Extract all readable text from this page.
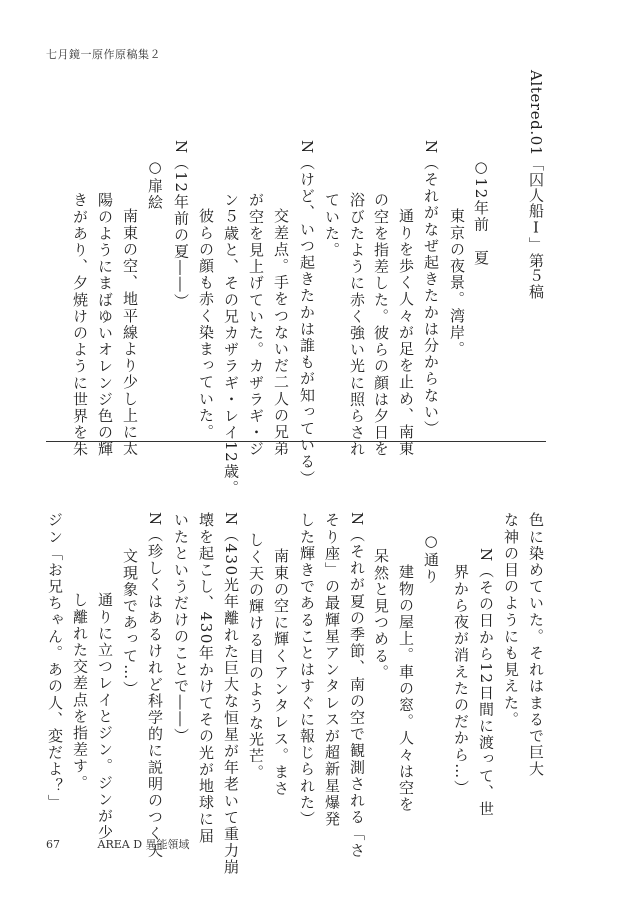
七月鏡一原作原稿集２
Altered.01「囚人船Ⅰ」第５稿
○12年前　夏
東京の夜景。湾岸。
N（それがなぜ起きたかは分からない）
通りを歩く人々が足を止め、南東
の空を指差した。彼らの顔は夕日を
浴びたように赤く強い光に照らされ
ていた。
N（けど、いつ起きたかは誰もが知っている）
交差点。手をつないだ二人の兄弟
が空を見上げていた。カザラギ・ジ
ン５歳と、その兄カザラギ・レイ12歳。
彼らの顔も赤く染まっていた。
N（12年前の夏――）
○扉絵
南東の空、地平線より少し上に太
陽のようにまばゆいオレンジ色の輝
きがあり、夕焼けのように世界を朱
色に染めていた。それはまるで巨大
な神の目のようにも見えた。
N（その日から12日間に渡って、世
界から夜が消えたのだから…）
○通り
建物の屋上。車の窓。人々は空を
呆然と見つめる。
N（それが夏の季節、南の空で観測される「さ
そり座」の最輝星アンタレスが超新星爆発
した輝きであることはすぐに報じられた）
南東の空に輝くアンタレス。まさ
しく天の輝ける目のような光芒。
N（430光年離れた巨大な恒星が年老いて重力崩
壊を起こし、430年かけてその光が地球に届
いたというだけのことで――）
N（珍しくはあるけれど科学的に説明のつく天
文現象であって…）
通りに立つレイとジン。ジンが少
し離れた交差点を指差す。
ジン「お兄ちゃん。あの人、変だよ？」
67	AREA D 異能領域
